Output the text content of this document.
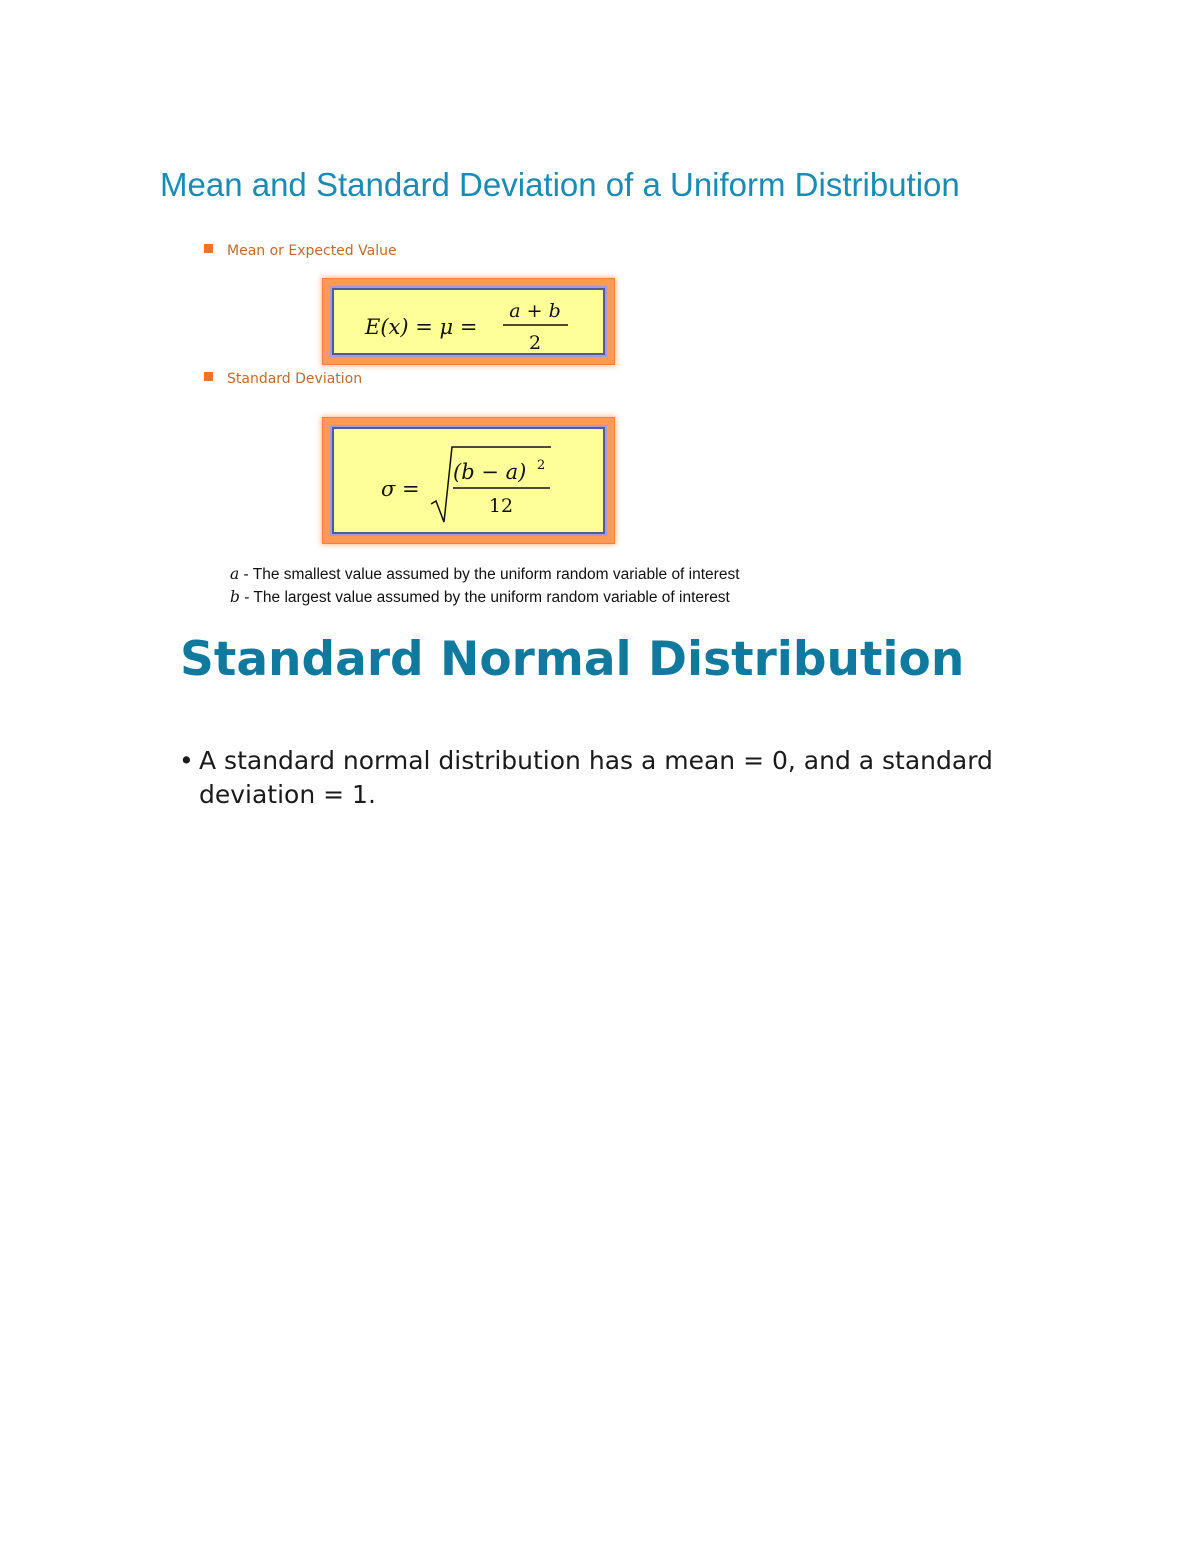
Mean and Standard Deviation of a Uniform Distribution
Mean or Expected Value
E(x) = μ =
a + b
2
Standard Deviation
σ =
(b − a) 2
12
a - The smallest value assumed by the uniform random variable of interest
b - The largest value assumed by the uniform random variable of interest
Standard Normal Distribution
• A standard normal distribution has a mean = 0, and a standard deviation = 1.
